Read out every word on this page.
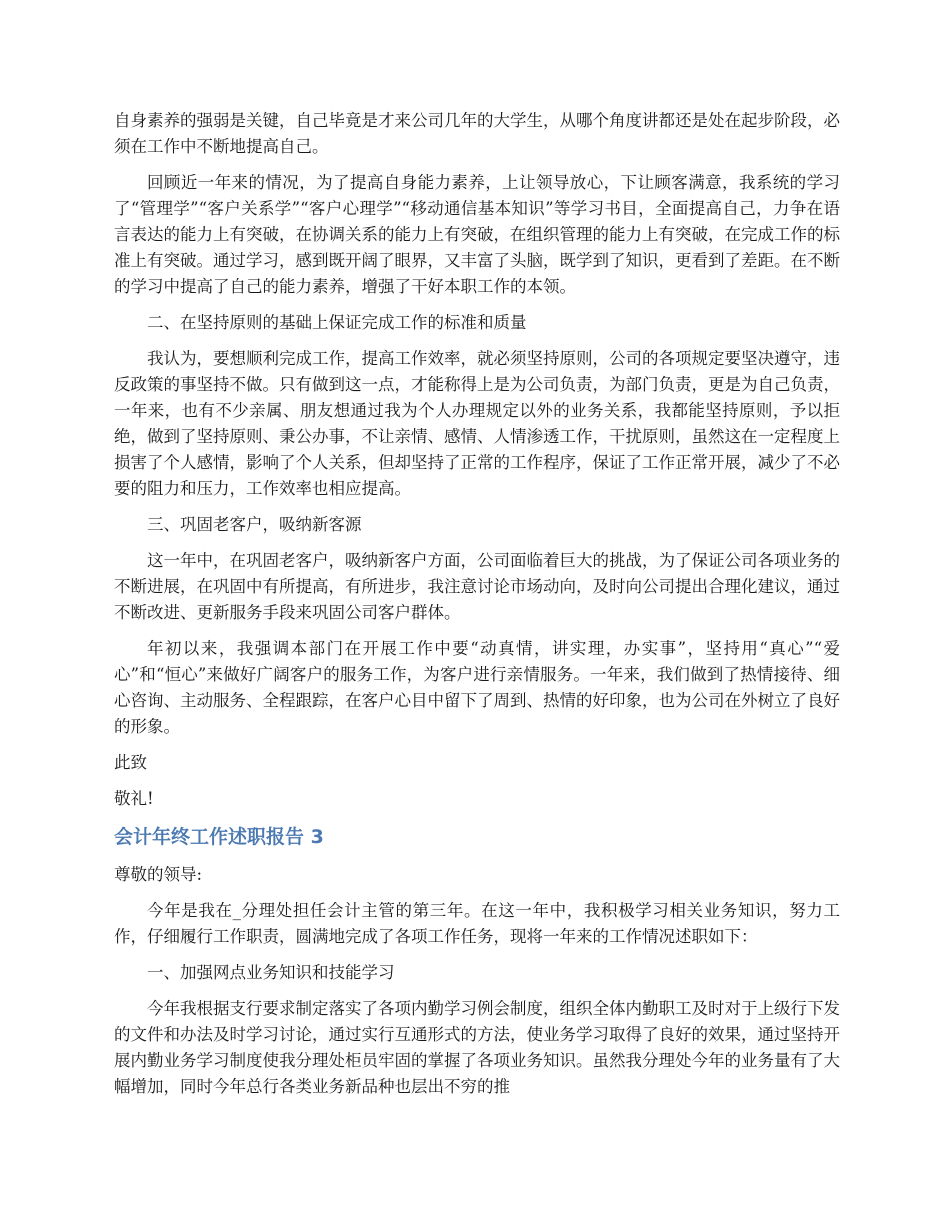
自身素养的强弱是关键，自己毕竟是才来公司几年的大学生，从哪个角度讲都还是处在起步阶段，必须在工作中不断地提高自己。

回顾近一年来的情况，为了提高自身能力素养，上让领导放心，下让顾客满意，我系统的学习了“管理学”“客户关系学”“客户心理学”“移动通信基本知识”等学习书目，全面提高自己，力争在语言表达的能力上有突破，在协调关系的能力上有突破，在组织管理的能力上有突破，在完成工作的标准上有突破。通过学习，感到既开阔了眼界，又丰富了头脑，既学到了知识，更看到了差距。在不断的学习中提高了自己的能力素养，增强了干好本职工作的本领。

二、在坚持原则的基础上保证完成工作的标准和质量

我认为，要想顺利完成工作，提高工作效率，就必须坚持原则，公司的各项规定要坚决遵守，违反政策的事坚持不做。只有做到这一点，才能称得上是为公司负责，为部门负责，更是为自己负责，一年来，也有不少亲属、朋友想通过我为个人办理规定以外的业务关系，我都能坚持原则，予以拒绝，做到了坚持原则、秉公办事，不让亲情、感情、人情渗透工作，干扰原则，虽然这在一定程度上损害了个人感情，影响了个人关系，但却坚持了正常的工作程序，保证了工作正常开展，减少了不必要的阻力和压力，工作效率也相应提高。

三、巩固老客户，吸纳新客源

这一年中，在巩固老客户，吸纳新客户方面，公司面临着巨大的挑战，为了保证公司各项业务的不断进展，在巩固中有所提高，有所进步，我注意讨论市场动向，及时向公司提出合理化建议，通过不断改进、更新服务手段来巩固公司客户群体。

年初以来，我强调本部门在开展工作中要“动真情，讲实理，办实事”，坚持用“真心”“爱心”和“恒心”来做好广阔客户的服务工作，为客户进行亲情服务。一年来，我们做到了热情接待、细心咨询、主动服务、全程跟踪，在客户心目中留下了周到、热情的好印象，也为公司在外树立了良好的形象。

此致

敬礼!

会计年终工作述职报告 3

尊敬的领导:

今年是我在_分理处担任会计主管的第三年。在这一年中，我积极学习相关业务知识，努力工作，仔细履行工作职责，圆满地完成了各项工作任务，现将一年来的工作情况述职如下：

一、加强网点业务知识和技能学习

今年我根据支行要求制定落实了各项内勤学习例会制度，组织全体内勤职工及时对于上级行下发的文件和办法及时学习讨论，通过实行互通形式的方法，使业务学习取得了良好的效果，通过坚持开展内勤业务学习制度使我分理处柜员牢固的掌握了各项业务知识。虽然我分理处今年的业务量有了大幅增加，同时今年总行各类业务新品种也层出不穷的推
